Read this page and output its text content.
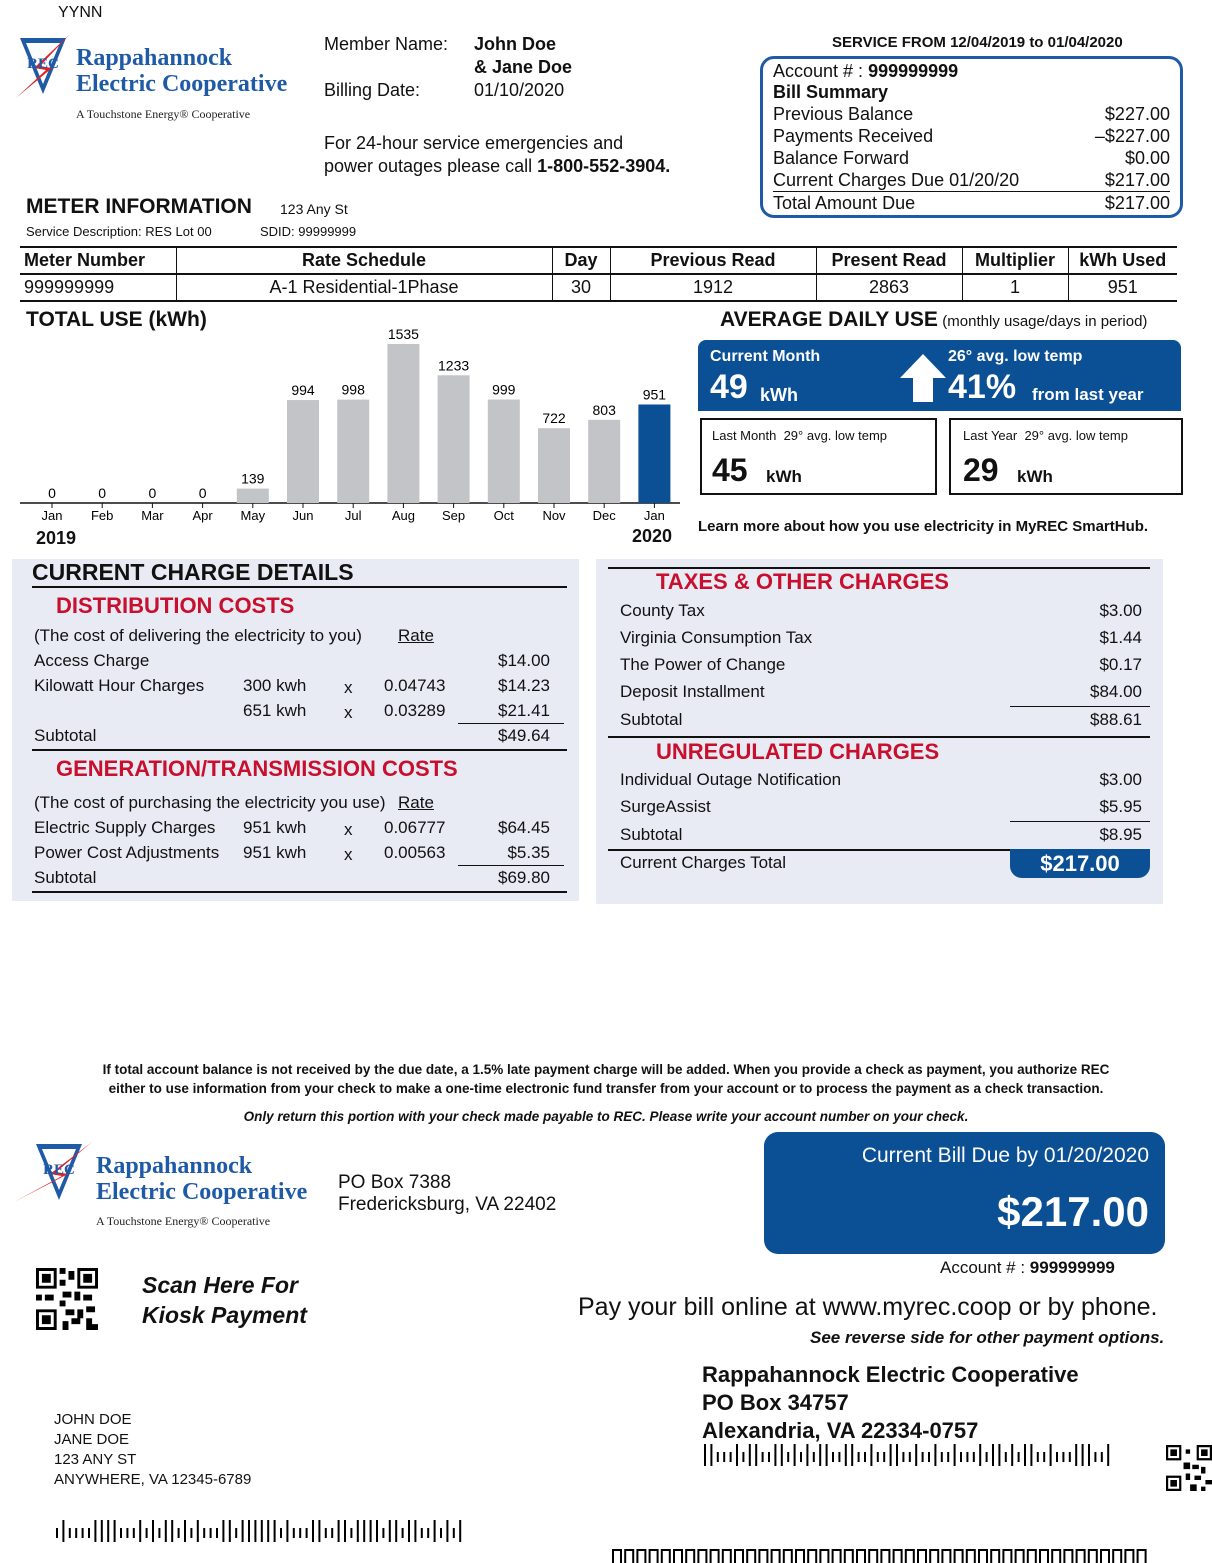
YYNN
REC Rappahannock
Electric Cooperative
A Touchstone Energy® Cooperative
Member Name: John Doe
& Jane Doe
Billing Date:	01/10/2020
For 24-hour service emergencies and
power outages please call 1-800-552-3904.
SERVICE FROM 12/04/2019 to 01/04/2020
Account # : 999999999
Bill Summary
Previous Balance	$227.00
Payments Received	–$227.00
Balance Forward	$0.00
Current Charges Due 01/20/20	$217.00
Total Amount Due	$217.00
METER INFORMATION 123 Any St
Service Description: RES Lot 00	SDID: 99999999
Meter Number	Rate Schedule	Day	Previous Read	Present Read	Multiplier	kWh Used
999999999	A-1 Residential-1Phase	30	1912	2863	1	951
TOTAL USE (kWh)
0
Jan
0
Feb
0
Mar
0
Apr
139
May
994
Jun
998
Jul
1535
Aug
1233
Sep
999
Oct
722
Nov
803
Dec
951
Jan
2019	2020
AVERAGE DAILY USE (monthly usage/days in period)
Current Month
49 kWh
26° avg. low temp
41% from last year
Last Month 29° avg. low temp
45 kWh
Last Year 29° avg. low temp
29 kWh
Learn more about how you use electricity in MyREC SmartHub.
CURRENT CHARGE DETAILS
DISTRIBUTION COSTS
(The cost of delivering the electricity to you) Rate
Access Charge	$14.00
Kilowatt Hour Charges 300 kwh x 0.04743	$14.23
651 kwh x 0.03289	$21.41
Subtotal	$49.64
GENERATION/TRANSMISSION COSTS
(The cost of purchasing the electricity you use) Rate
Electric Supply Charges 951 kwh x 0.06777	$64.45
Power Cost Adjustments 951 kwh x 0.00563	$5.35
Subtotal	$69.80
TAXES & OTHER CHARGES
County Tax	$3.00
Virginia Consumption Tax	$1.44
The Power of Change	$0.17
Deposit Installment	$84.00
Subtotal	$88.61
UNREGULATED CHARGES
Individual Outage Notification	$3.00
SurgeAssist	$5.95
Subtotal	$8.95
Current Charges Total	$217.00
If total account balance is not received by the due date, a 1.5% late payment charge will be added. When you provide a check as payment, you authorize REC
either to use information from your check to make a one-time electronic fund transfer from your account or to process the payment as a check transaction.
Only return this portion with your check made payable to REC. Please write your account number on your check.
REC Rappahannock
Electric Cooperative
A Touchstone Energy® Cooperative
PO Box 7388
Fredericksburg, VA 22402
Current Bill Due by 01/20/2020
$217.00
Account # : 999999999
Pay your bill online at www.myrec.coop or by phone.
See reverse side for other payment options.
Scan Here For
Kiosk Payment
Rappahannock Electric Cooperative
PO Box 34757
Alexandria, VA 22334-0757
JOHN DOE
JANE DOE
123 ANY ST
ANYWHERE, VA 12345-6789
